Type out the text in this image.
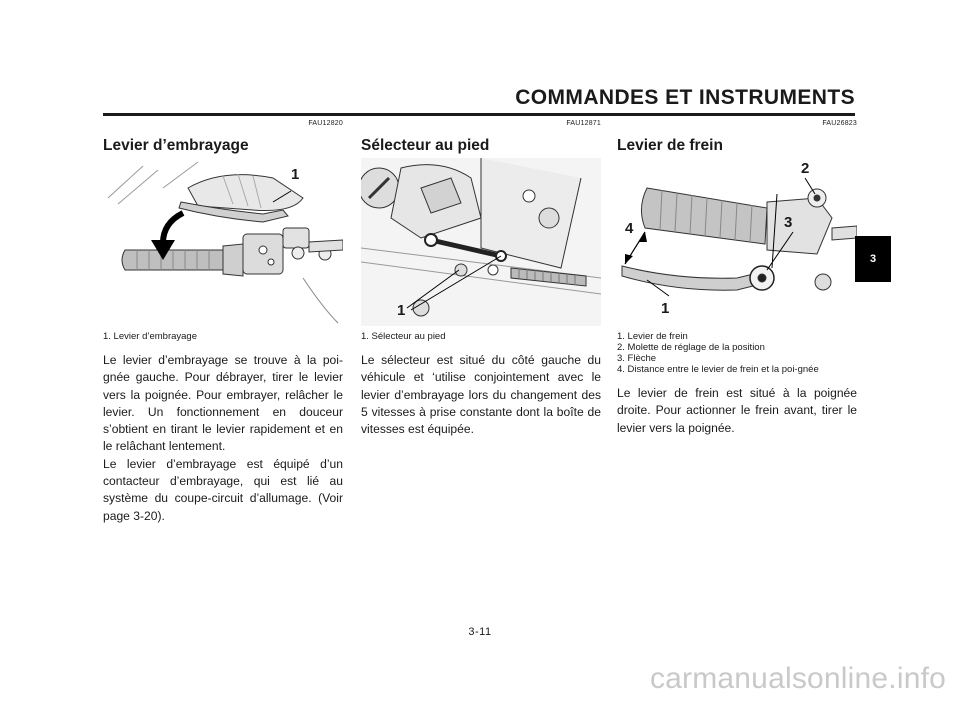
COMMANDES ET INSTRUMENTS
FAU12820
Levier d’embrayage
1
1. Levier d’embrayage

Le levier d’embrayage se trouve à la poi-gnée gauche. Pour débrayer, tirer le levier vers la poignée. Pour embrayer, relâcher le levier. Un fonctionnement en douceur s’obtient en tirant le levier rapidement et en le relâchant lentement.

Le levier d’embrayage est équipé d’un contacteur d’embrayage, qui est lié au système du coupe-circuit d’allumage. (Voir page 3-20).

FAU12871
Sélecteur au pied
1
1. Sélecteur au pied

Le sélecteur est situé du côté gauche du véhicule et ‘utilise conjointement avec le levier d’embrayage lors du changement des 5 vitesses à prise constante dont la boîte de vitesses est équipée.

FAU26823
Levier de frein
2
3
4
1
1. Levier de frein
2. Molette de réglage de la position
3. Flèche
4. Distance entre le levier de frein et la poi-gnée

Le levier de frein est situé à la poignée droite. Pour actionner le frein avant, tirer le levier vers la poignée.

3
3-11
carmanualsonline.info
